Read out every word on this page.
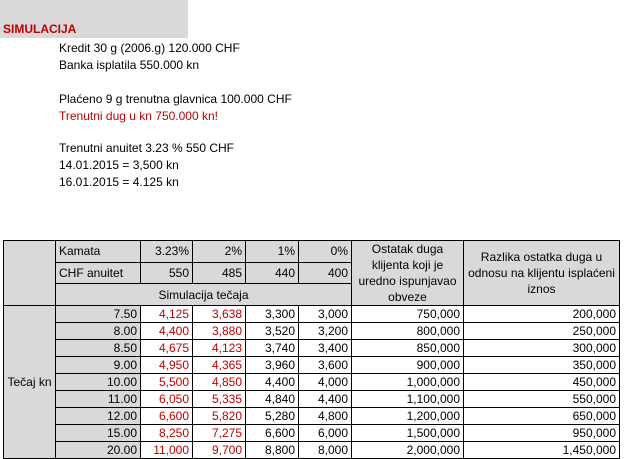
SIMULACIJA
Kredit 30 g (2006.g) 120.000 CHF
Banka isplatila 550.000 kn
Plaćeno 9 g trenutna glavnica 100.000 CHF
Trenutni dug u kn 750.000 kn!
Trenutni anuitet 3.23 % 550 CHF
14.01.2015 = 3,500 kn
16.01.2015 = 4.125 kn
	Kamata	3.23%	2%	1%	0%	Ostatak duga klijenta koji je uredno ispunjavao obveze	Razlika ostatka duga u odnosu na klijentu isplaćeni iznos
	CHF anuitet	550	485	440	400		
	Simulacija tečaja						
Tečaj kn	7.50	4,125	3,638	3,300	3,000	750,000	200,000
	8.00	4,400	3,880	3,520	3,200	800,000	250,000
	8.50	4,675	4,123	3,740	3,400	850,000	300,000
	9.00	4,950	4,365	3,960	3,600	900,000	350,000
	10.00	5,500	4,850	4,400	4,000	1,000,000	450,000
	11.00	6,050	5,335	4,840	4,400	1,100,000	550,000
	12.00	6,600	5,820	5,280	4,800	1,200,000	650,000
	15.00	8,250	7,275	6,600	6,000	1,500,000	950,000
	20.00	11,000	9,700	8,800	8,000	2,000,000	1,450,000
